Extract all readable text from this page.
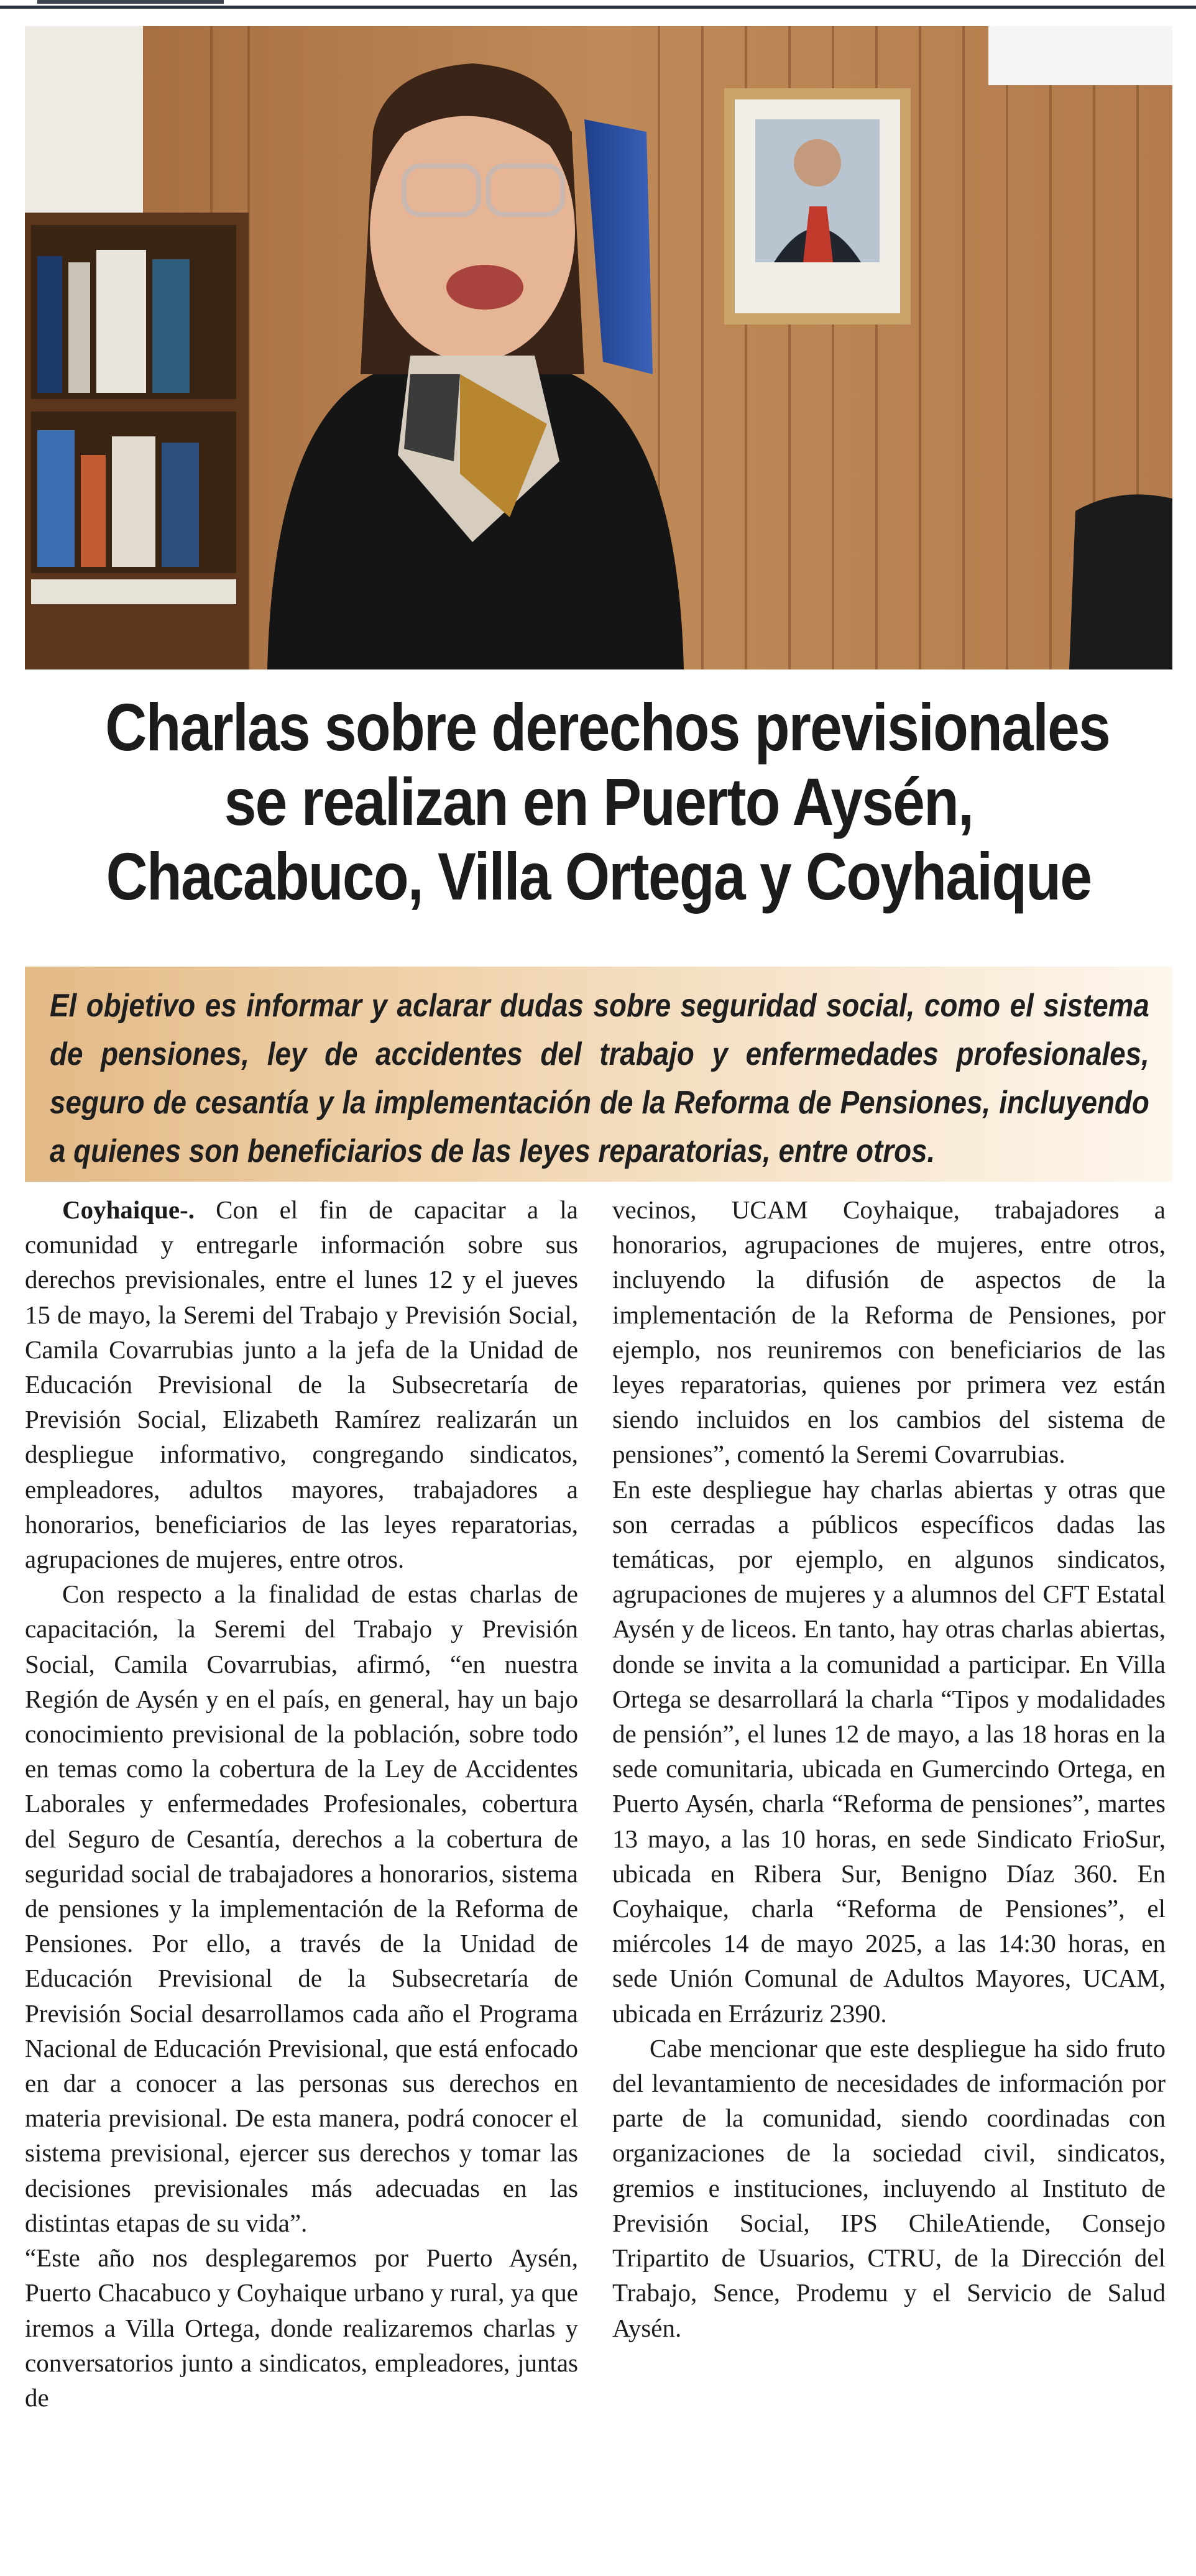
Charlas sobre derechos previsionales
se realizan en Puerto Aysén,
Chacabuco, Villa Ortega y Coyhaique

El objetivo es informar y aclarar dudas sobre seguridad social, como el sistema de pensiones, ley de accidentes del trabajo y enfermedades profesionales, seguro de cesantía y la implementación de la Reforma de Pensiones, incluyendo a quienes son beneficiarios de las leyes reparatorias, entre otros.

Coyhaique-. Con el fin de capacitar a la comunidad y entregarle información sobre sus derechos previsionales, entre el lunes 12 y el jueves 15 de mayo, la Seremi del Trabajo y Previsión Social, Camila Covarrubias junto a la jefa de la Unidad de Educación Previsional de la Subsecretaría de Previsión Social, Elizabeth Ramírez realizarán un despliegue informativo, congregando sindicatos, empleadores, adultos mayores, trabajadores a honorarios, beneficiarios de las leyes reparatorias, agrupaciones de mujeres, entre otros.

Con respecto a la finalidad de estas charlas de capacitación, la Seremi del Trabajo y Previsión Social, Camila Covarrubias, afirmó, “en nuestra Región de Aysén y en el país, en general, hay un bajo conocimiento previsional de la población, sobre todo en temas como la cobertura de la Ley de Accidentes Laborales y enfermedades Profesionales, cobertura del Seguro de Cesantía, derechos a la cobertura de seguridad social de trabajadores a honorarios, sistema de pensiones y la implementación de la Reforma de Pensiones. Por ello, a través de la Unidad de Educación Previsional de la Subsecretaría de Previsión Social desarrollamos cada año el Programa Nacional de Educación Previsional, que está enfocado en dar a conocer a las personas sus derechos en materia previsional. De esta manera, podrá conocer el sistema previsional, ejercer sus derechos y tomar las decisiones previsionales más adecuadas en las distintas etapas de su vida”.

“Este año nos desplegaremos por Puerto Aysén, Puerto Chacabuco y Coyhaique urbano y rural, ya que iremos a Villa Ortega, donde realizaremos charlas y conversatorios junto a sindicatos, empleadores, juntas de

vecinos, UCAM Coyhaique, trabajadores a honorarios, agrupaciones de mujeres, entre otros, incluyendo la difusión de aspectos de la implementación de la Reforma de Pensiones, por ejemplo, nos reuniremos con beneficiarios de las leyes reparatorias, quienes por primera vez están siendo incluidos en los cambios del sistema de pensiones”, comentó la Seremi Covarrubias.

En este despliegue hay charlas abiertas y otras que son cerradas a públicos específicos dadas las temáticas, por ejemplo, en algunos sindicatos, agrupaciones de mujeres y a alumnos del CFT Estatal Aysén y de liceos. En tanto, hay otras charlas abiertas, donde se invita a la comunidad a participar. En Villa Ortega se desarrollará la charla “Tipos y modalidades de pensión”, el lunes 12 de mayo, a las 18 horas en la sede comunitaria, ubicada en Gumercindo Ortega, en Puerto Aysén, charla “Reforma de pensiones”, martes 13 mayo, a las 10 horas, en sede Sindicato FrioSur, ubicada en Ribera Sur, Benigno Díaz 360. En Coyhaique, charla “Reforma de Pensiones”, el miércoles 14 de mayo 2025, a las 14:30 horas, en sede Unión Comunal de Adultos Mayores, UCAM, ubicada en Errázuriz 2390.

Cabe mencionar que este despliegue ha sido fruto del levantamiento de necesidades de información por parte de la comunidad, siendo coordinadas con organizaciones de la sociedad civil, sindicatos, gremios e instituciones, incluyendo al Instituto de Previsión Social, IPS ChileAtiende, Consejo Tripartito de Usuarios, CTRU, de la Dirección del Trabajo, Sence, Prodemu y el Servicio de Salud Aysén.
